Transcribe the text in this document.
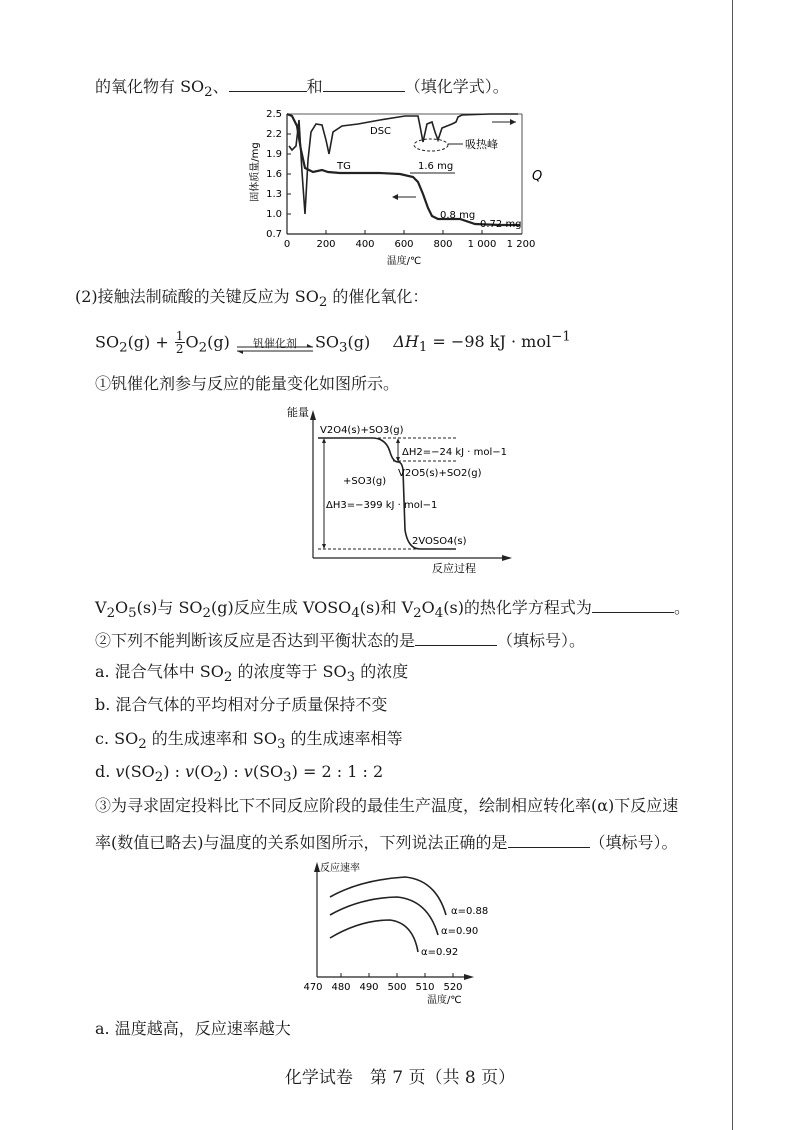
的氧化物有 $SO_2$、	和	（填化学式）。
固体质量/mg	Q
2.5
2.2
1.9
1.6
1.3
1.0
0.7
0	200 400 600 800 1 000 1 200
温度/℃
DSC
TG
吸热峰
1.6 mg
0.8 mg
0.72 mg
(2)接触法制硫酸的关键反应为 $SO_2$ 的催化氧化：
$SO_2(g) + \frac{1}{2} O_2(g)$	钒催化剂	$SO_3(g) \Delta H_1 = -98$ kJ · mol$^{-1}$
①钒催化剂参与反应的能量变化如图所示。
能量
反应过程
V2O4(s)+SO3(g)
ΔH2=−24 kJ · mol−1
V2O5(s)+SO2(g)
+SO3(g)
ΔH3=−399 kJ · mol−1
2VOSO4(s)
$V_2O_5(s)$与 $SO_2(g)$反应生成 $VOSO_4(s)$和 $V_2O_4(s)$的热化学方程式为	。
②下列不能判断该反应是否达到平衡状态的是	（填标号）。
a. 混合气体中 $SO_2$ 的浓度等于 $SO_3$ 的浓度
b. 混合气体的平均相对分子质量保持不变
c. $SO_2$ 的生成速率和 $SO_3$ 的生成速率相等
d. $v(SO_2)$ : $v(O_2)$ : $v(SO_3) = 2$ : 1 : 2
③为寻求固定投料比下不同反应阶段的最佳生产温度，绘制相应转化率(α)下反应速
率(数值已略去)与温度的关系如图所示，下列说法正确的是	（填标号）。
反应速率
470 480 490 500 510 520
温度/℃
α=0.88
α=0.90
α=0.92
a. 温度越高，反应速率越大
化学试卷　第 7 页（共 8 页）
